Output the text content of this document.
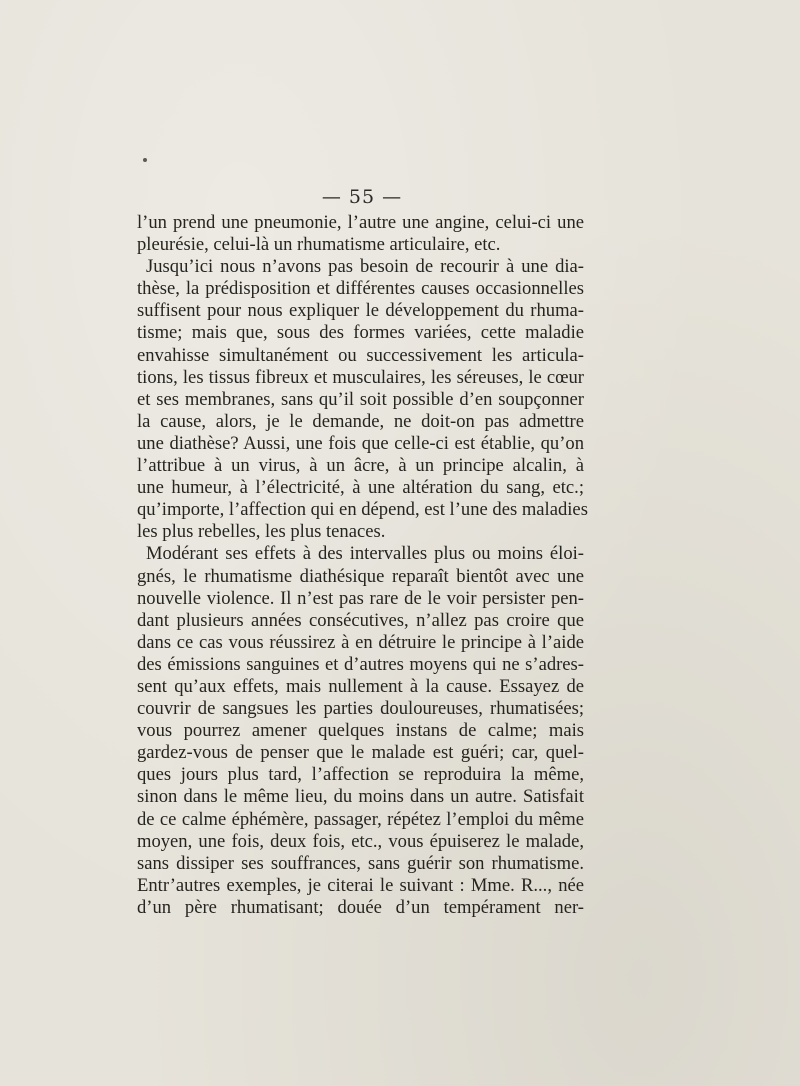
— 55 —
l’un prend une pneumonie, l’autre une angine, celui-ci une
pleurésie, celui-là un rhumatisme articulaire, etc.
Jusqu’ici nous n’avons pas besoin de recourir à une dia-
thèse, la prédisposition et différentes causes occasionnelles
suffisent pour nous expliquer le développement du rhuma-
tisme; mais que, sous des formes variées, cette maladie
envahisse simultanément ou successivement les articula-
tions, les tissus fibreux et musculaires, les séreuses, le cœur
et ses membranes, sans qu’il soit possible d’en soupçonner
la cause, alors, je le demande, ne doit-on pas admettre
une diathèse? Aussi, une fois que celle-ci est établie, qu’on
l’attribue à un virus, à un âcre, à un principe alcalin, à
une humeur, à l’électricité, à une altération du sang, etc.;
qu’importe, l’affection qui en dépend, est l’une des maladies
les plus rebelles, les plus tenaces.
Modérant ses effets à des intervalles plus ou moins éloi-
gnés, le rhumatisme diathésique reparaît bientôt avec une
nouvelle violence. Il n’est pas rare de le voir persister pen-
dant plusieurs années consécutives, n’allez pas croire que
dans ce cas vous réussirez à en détruire le principe à l’aide
des émissions sanguines et d’autres moyens qui ne s’adres-
sent qu’aux effets, mais nullement à la cause. Essayez de
couvrir de sangsues les parties douloureuses, rhumatisées;
vous pourrez amener quelques instans de calme; mais
gardez-vous de penser que le malade est guéri; car, quel-
ques jours plus tard, l’affection se reproduira la même,
sinon dans le même lieu, du moins dans un autre. Satisfait
de ce calme éphémère, passager, répétez l’emploi du même
moyen, une fois, deux fois, etc., vous épuiserez le malade,
sans dissiper ses souffrances, sans guérir son rhumatisme.
Entr’autres exemples, je citerai le suivant : Mme. R..., née
d’un père rhumatisant; douée d’un tempérament ner-
